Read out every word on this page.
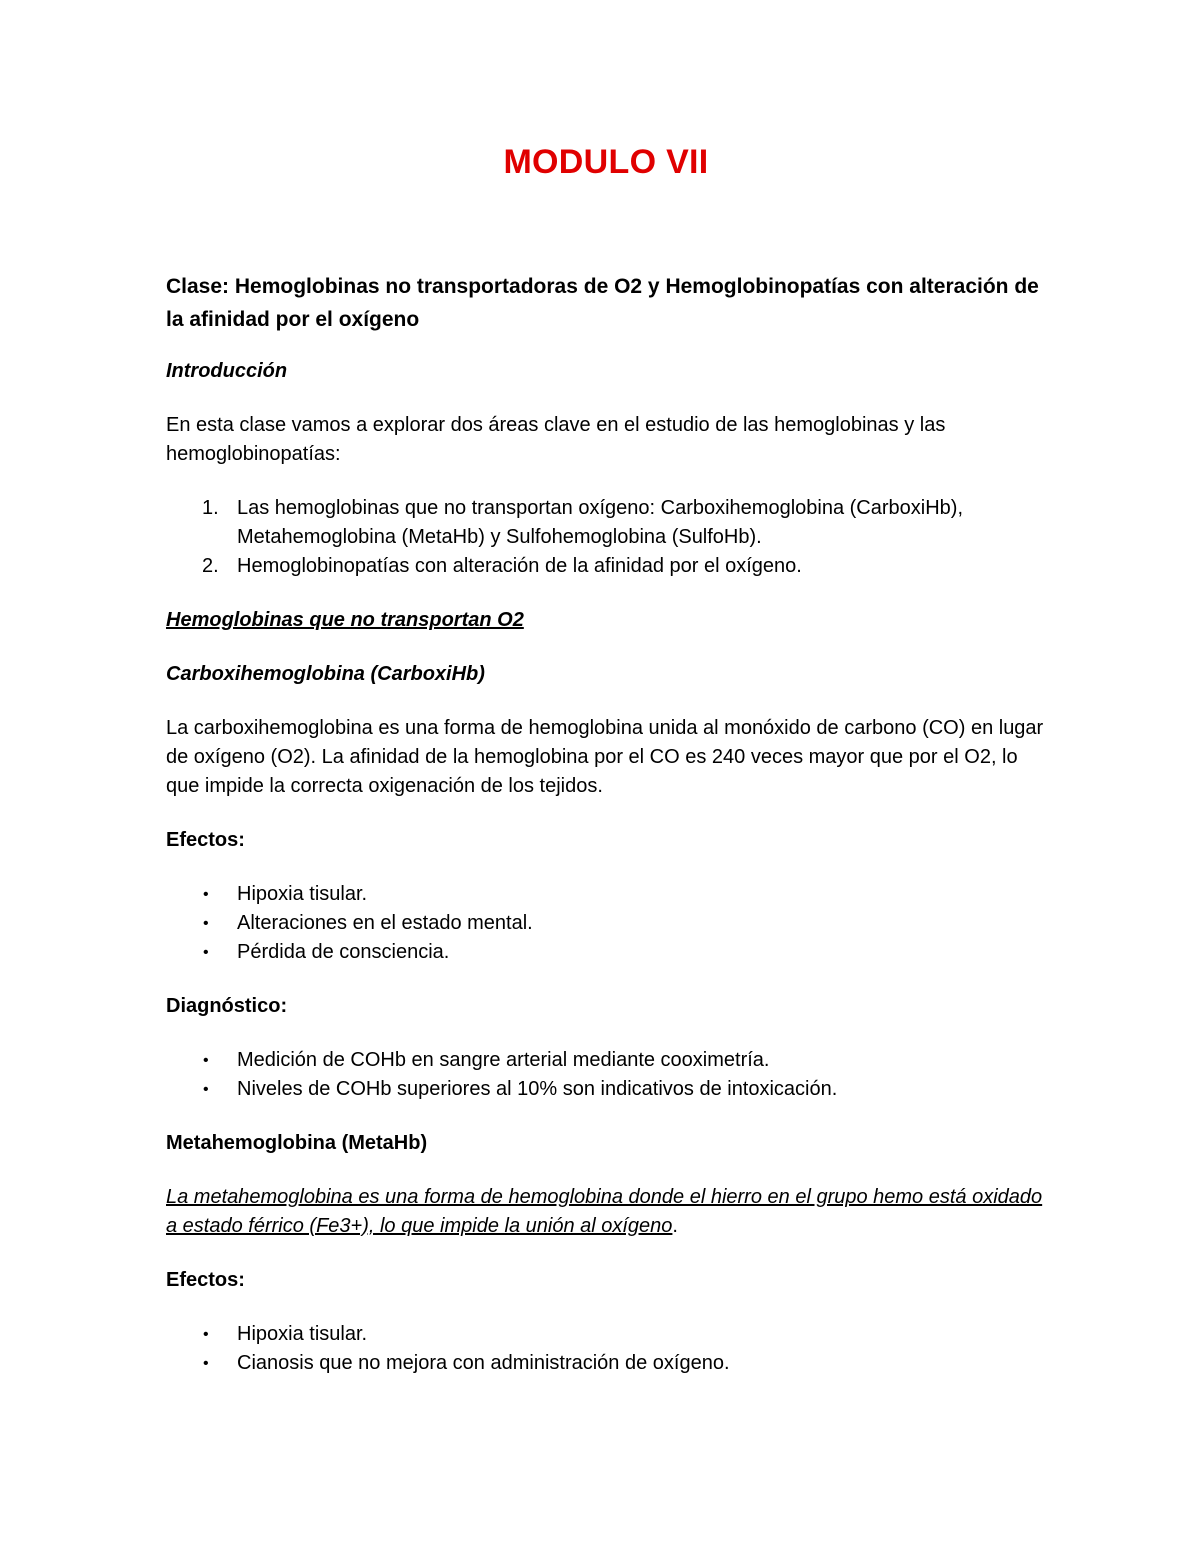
MODULO VII

Clase: Hemoglobinas no transportadoras de O2 y Hemoglobinopatías con alteración de la afinidad por el oxígeno

Introducción

En esta clase vamos a explorar dos áreas clave en el estudio de las hemoglobinas y las hemoglobinopatías:

1. Las hemoglobinas que no transportan oxígeno: Carboxihemoglobina (CarboxiHb), Metahemoglobina (MetaHb) y Sulfohemoglobina (SulfoHb).
2. Hemoglobinopatías con alteración de la afinidad por el oxígeno.

Hemoglobinas que no transportan O2

Carboxihemoglobina (CarboxiHb)

La carboxihemoglobina es una forma de hemoglobina unida al monóxido de carbono (CO) en lugar de oxígeno (O2). La afinidad de la hemoglobina por el CO es 240 veces mayor que por el O2, lo que impide la correcta oxigenación de los tejidos.

Efectos:

• Hipoxia tisular.
• Alteraciones en el estado mental.
• Pérdida de consciencia.

Diagnóstico:

• Medición de COHb en sangre arterial mediante cooximetría.
• Niveles de COHb superiores al 10% son indicativos de intoxicación.

Metahemoglobina (MetaHb)

La metahemoglobina es una forma de hemoglobina donde el hierro en el grupo hemo está oxidado a estado férrico (Fe3+), lo que impide la unión al oxígeno.

Efectos:

• Hipoxia tisular.
• Cianosis que no mejora con administración de oxígeno.
